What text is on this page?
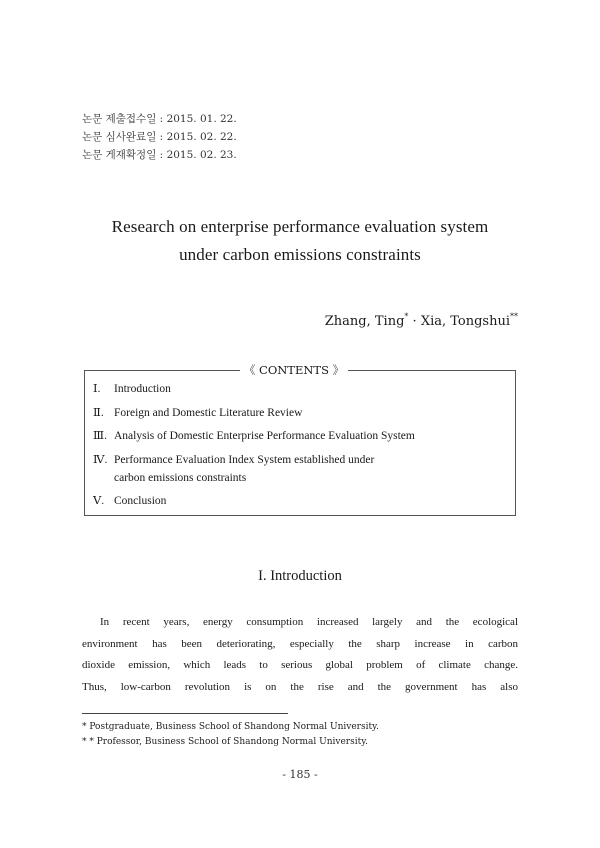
논문 제출접수일 : 2015. 01. 22.
논문 심사완료일 : 2015. 02. 22.
논문 게재확정일 : 2015. 02. 23.
Research on enterprise performance evaluation system
under carbon emissions constraints
Zhang, Ting* · Xia, Tongshui**
《 CONTENTS 》
Ⅰ. Introduction
Ⅱ. Foreign and Domestic Literature Review
Ⅲ. Analysis of Domestic Enterprise Performance Evaluation System
Ⅳ. Performance Evaluation Index System established under
carbon emissions constraints
Ⅴ. Conclusion
I. Introduction
In recent years, energy consumption increased largely and the ecological
environment has been deteriorating, especially the sharp increase in carbon
dioxide emission, which leads to serious global problem of climate change.
Thus, low-carbon revolution is on the rise and the government has also
* Postgraduate, Business School of Shandong Normal University.
* * Professor, Business School of Shandong Normal University.
- 185 -
